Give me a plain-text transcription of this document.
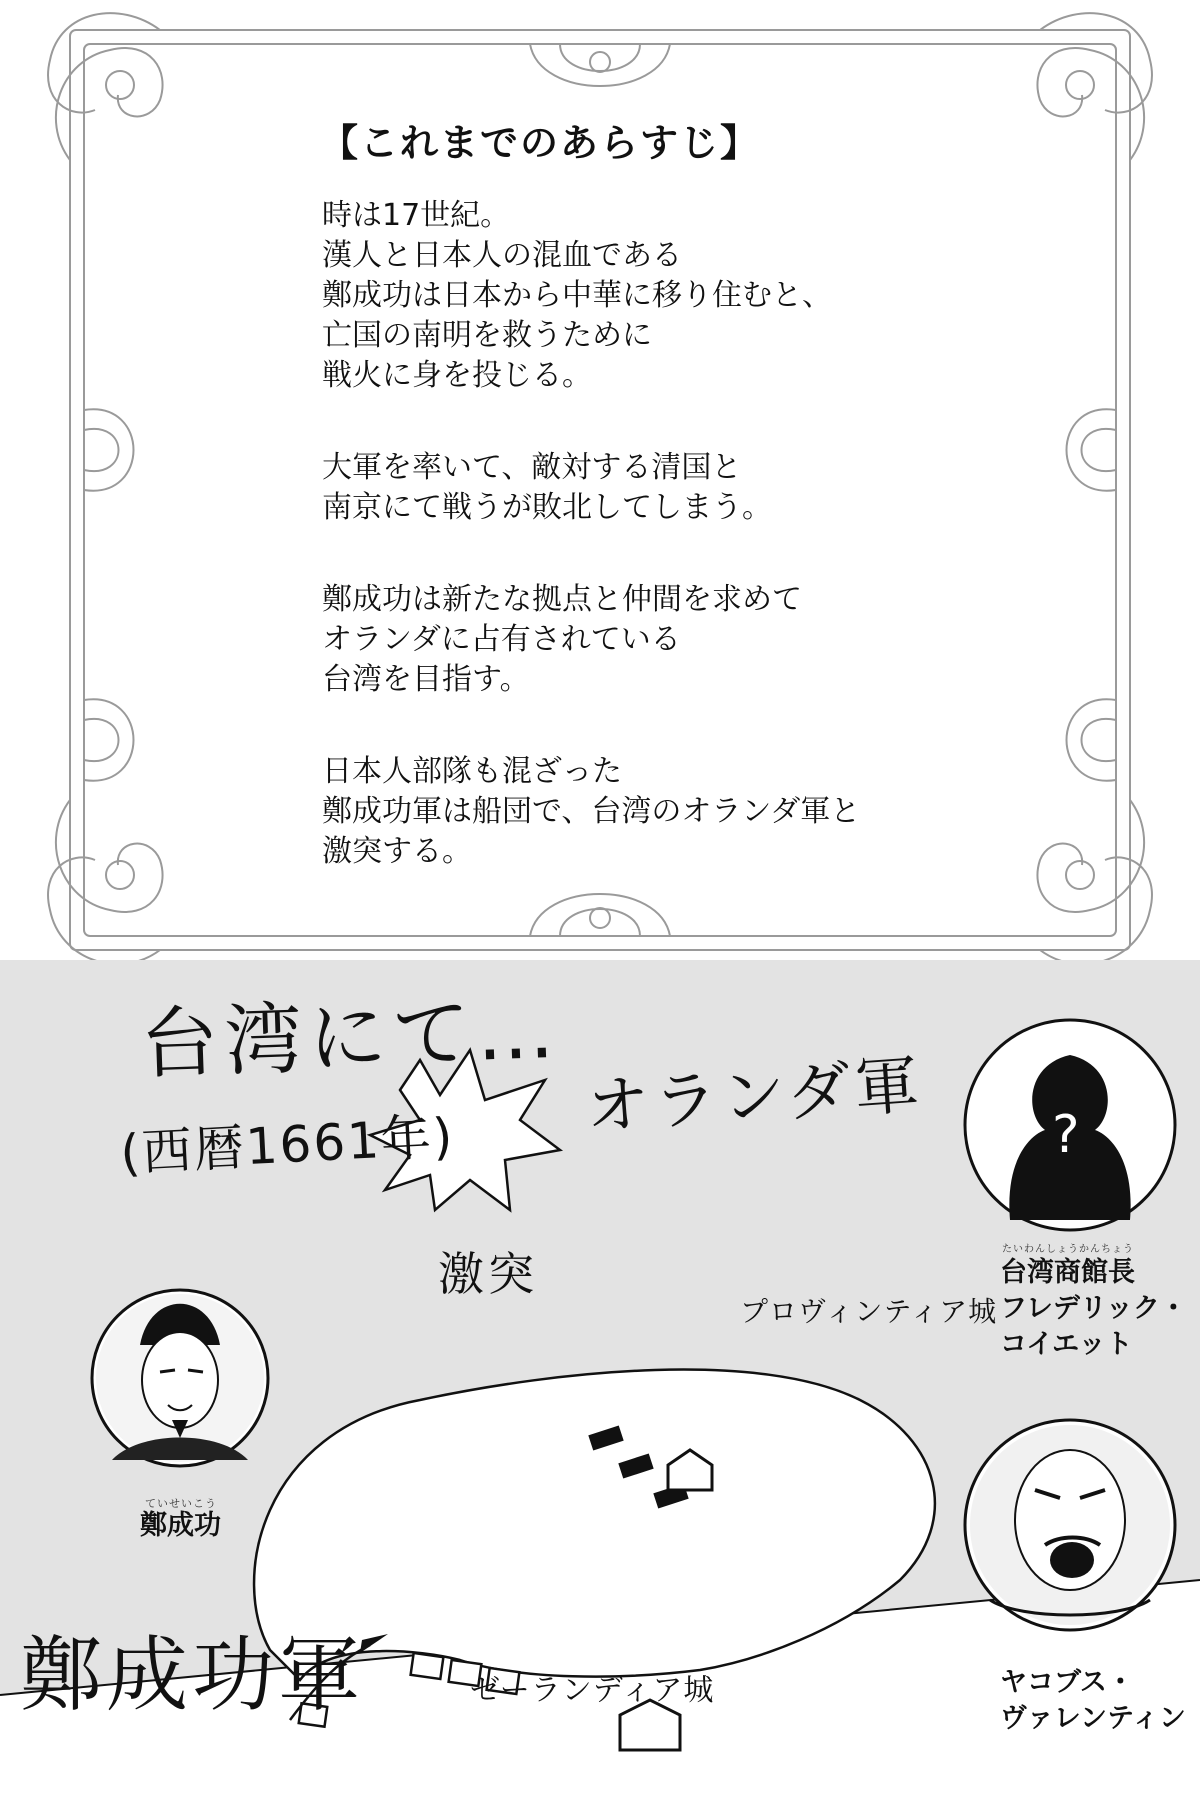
【これまでのあらすじ】
時は17世紀。
漢人と日本人の混血である
鄭成功は日本から中華に移り住むと、
亡国の南明を救うために
戦火に身を投じる。
大軍を率いて、敵対する清国と
南京にて戦うが敗北してしまう。
鄭成功は新たな拠点と仲間を求めて
オランダに占有されている
台湾を目指す。
日本人部隊も混ざった
鄭成功軍は船団で、台湾のオランダ軍と
激突する。
台湾にて…
(西暦1661年) オランダ軍
激突
プロヴィンティア城
ゼーランディア城
鄭成功軍
ていせいこう
鄭成功
?
たいわんしょうかんちょう
台湾商館長
フレデリック・
コイエット
ヤコブス・
ヴァレンティン
